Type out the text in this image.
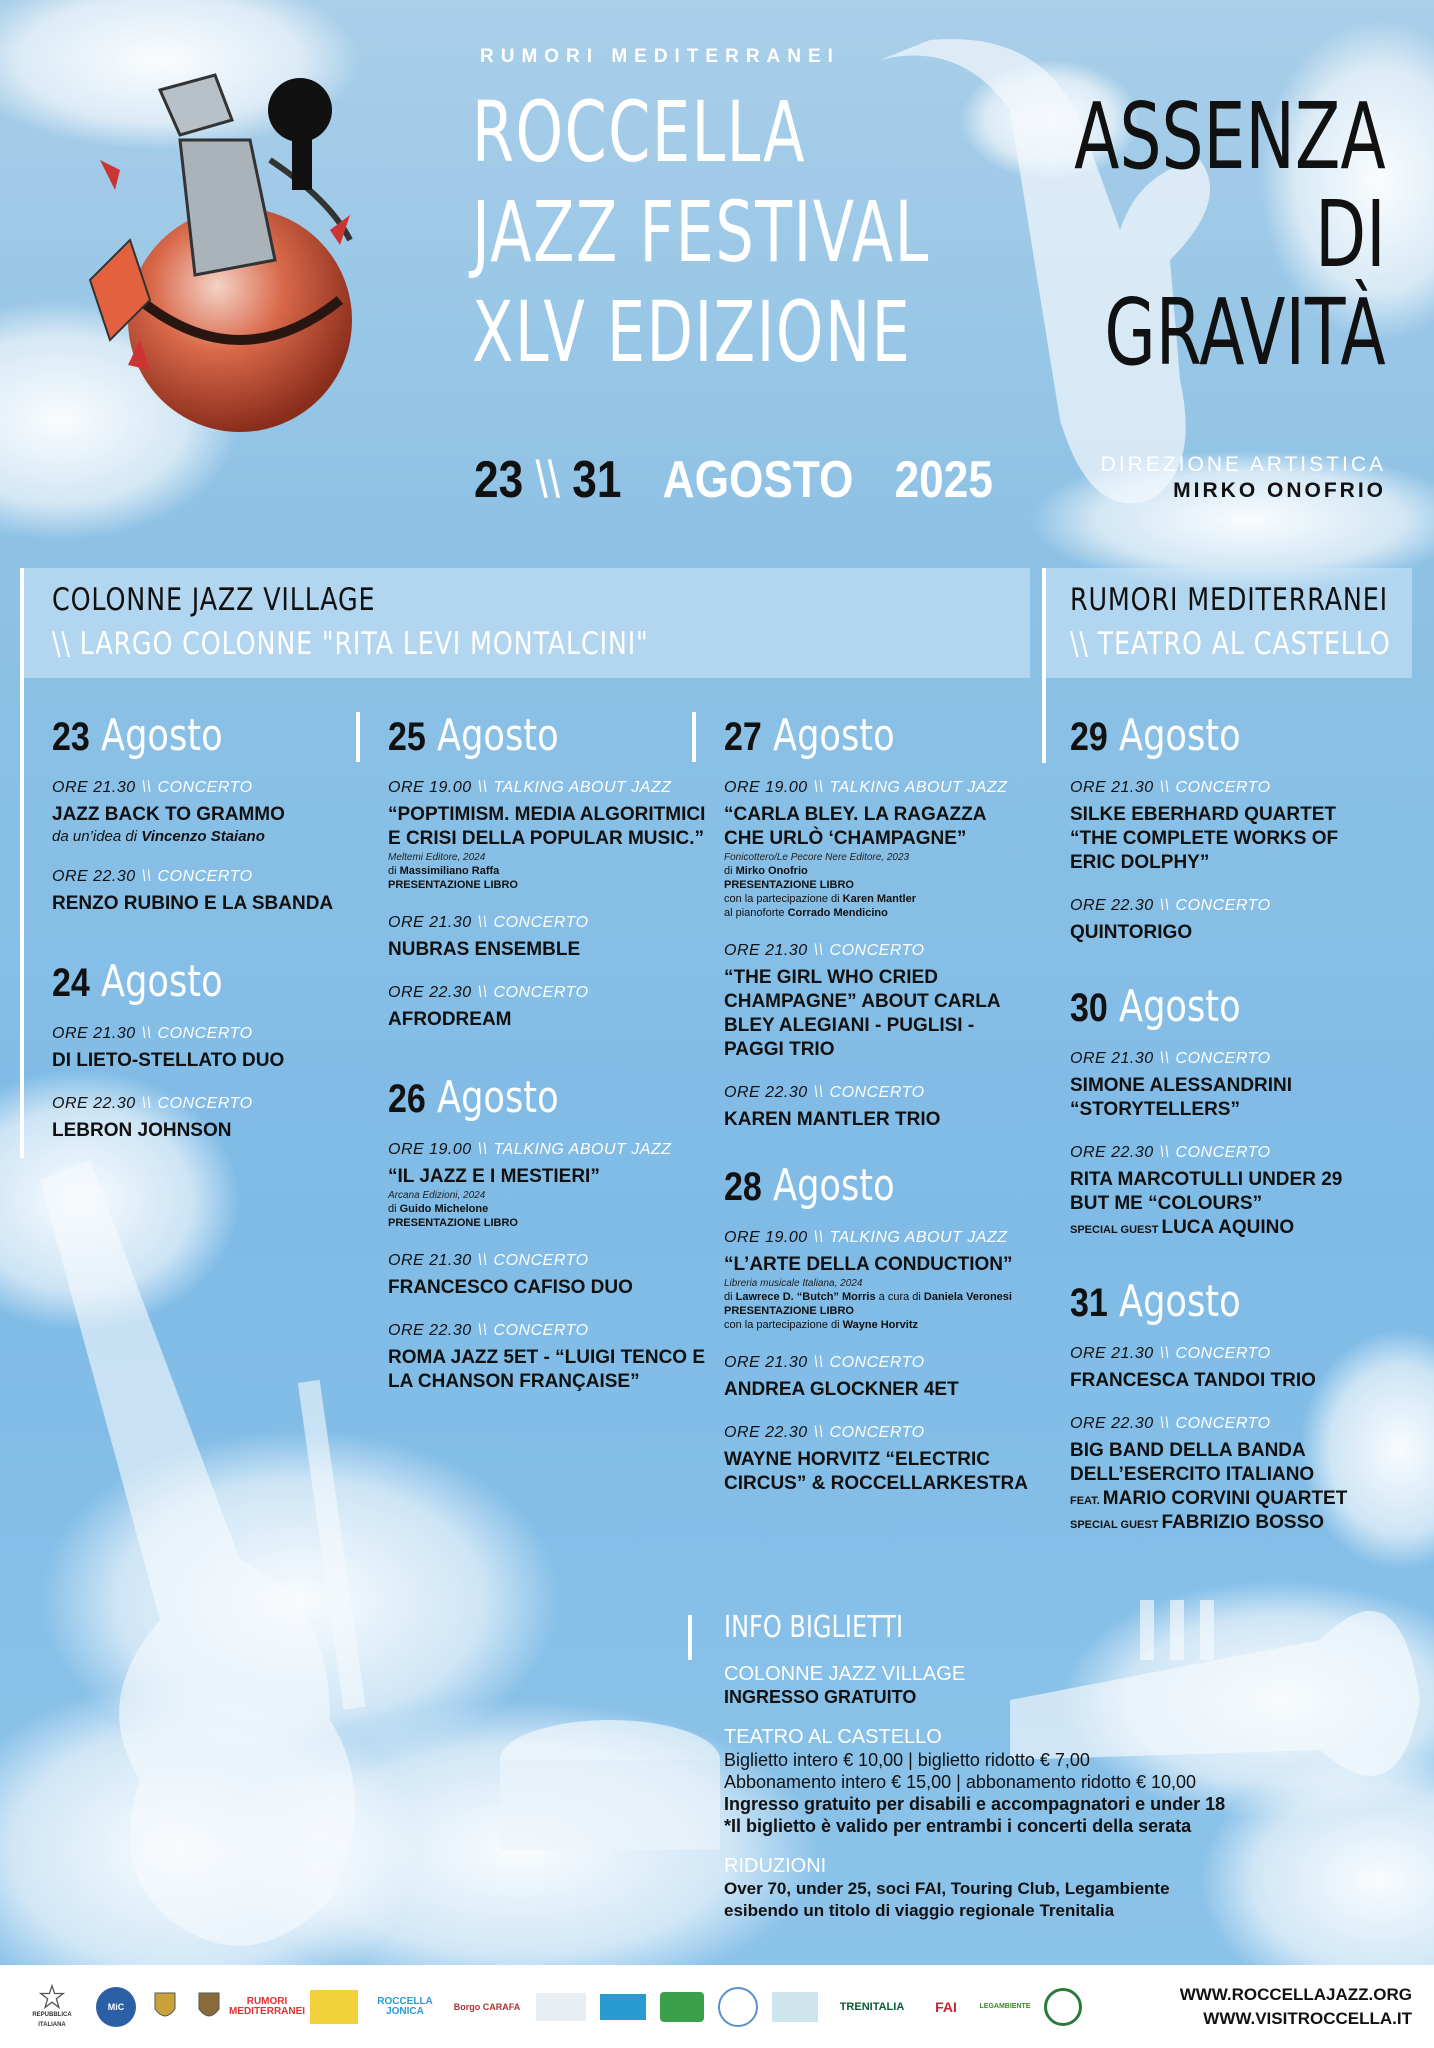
RUMORI MEDITERRANEI
ROCCELLA
JAZZ FESTIVAL
XLV EDIZIONE
23 \\ 31 AGOSTO 2025
ASSENZA
DI
GRAVITÀ
DIREZIONE ARTISTICA
MIRKO ONOFRIO
COLONNE JAZZ VILLAGE
\\ LARGO COLONNE "RITA LEVI MONTALCINI"
RUMORI MEDITERRANEI
\\ TEATRO AL CASTELLO
23 Agosto
ORE 21.30 \\ CONCERTO
JAZZ BACK TO GRAMMO
da un’idea di Vincenzo Staiano
ORE 22.30 \\ CONCERTO
RENZO RUBINO E LA SBANDA
24 Agosto
ORE 21.30 \\ CONCERTO
DI LIETO-STELLATO DUO
ORE 22.30 \\ CONCERTO
LEBRON JOHNSON
25 Agosto
ORE 19.00 \\ TALKING ABOUT JAZZ
“POPTIMISM. MEDIA ALGORITMICI E CRISI DELLA POPULAR MUSIC.”
Meltemi Editore, 2024
di Massimiliano Raffa
PRESENTAZIONE LIBRO
ORE 21.30 \\ CONCERTO
NUBRAS ENSEMBLE
ORE 22.30 \\ CONCERTO
AFRODREAM
26 Agosto
ORE 19.00 \\ TALKING ABOUT JAZZ
“IL JAZZ E I MESTIERI”
Arcana Edizioni, 2024
di Guido Michelone
PRESENTAZIONE LIBRO
ORE 21.30 \\ CONCERTO
FRANCESCO CAFISO DUO
ORE 22.30 \\ CONCERTO
ROMA JAZZ 5ET - “LUIGI TENCO E LA CHANSON FRANÇAISE”
27 Agosto
ORE 19.00 \\ TALKING ABOUT JAZZ
“CARLA BLEY. LA RAGAZZA CHE URLÒ ‘CHAMPAGNE”
Fonicottero/Le Pecore Nere Editore, 2023
di Mirko Onofrio
PRESENTAZIONE LIBRO
con la partecipazione di Karen Mantler
al pianoforte Corrado Mendicino
ORE 21.30 \\ CONCERTO
“THE GIRL WHO CRIED CHAMPAGNE” ABOUT CARLA BLEY ALEGIANI - PUGLISI - PAGGI TRIO
ORE 22.30 \\ CONCERTO
KAREN MANTLER TRIO
28 Agosto
ORE 19.00 \\ TALKING ABOUT JAZZ
“L’ARTE DELLA CONDUCTION”
Libreria musicale Italiana, 2024
di Lawrece D. “Butch” Morris a cura di Daniela Veronesi
PRESENTAZIONE LIBRO
con la partecipazione di Wayne Horvitz
ORE 21.30 \\ CONCERTO
ANDREA GLOCKNER 4ET
ORE 22.30 \\ CONCERTO
WAYNE HORVITZ “ELECTRIC CIRCUS” & ROCCELLARKESTRA
29 Agosto
ORE 21.30 \\ CONCERTO
SILKE EBERHARD QUARTET “THE COMPLETE WORKS OF ERIC DOLPHY”
ORE 22.30 \\ CONCERTO
QUINTORIGO
30 Agosto
ORE 21.30 \\ CONCERTO
SIMONE ALESSANDRINI “STORYTELLERS”
ORE 22.30 \\ CONCERTO
RITA MARCOTULLI UNDER 29 BUT ME “COLOURS”
SPECIAL GUEST LUCA AQUINO
31 Agosto
ORE 21.30 \\ CONCERTO
FRANCESCA TANDOI TRIO
ORE 22.30 \\ CONCERTO
BIG BAND DELLA BANDA DELL’ESERCITO ITALIANO
FEAT. MARIO CORVINI QUARTET
SPECIAL GUEST FABRIZIO BOSSO
INFO BIGLIETTI
COLONNE JAZZ VILLAGE
INGRESSO GRATUITO
TEATRO AL CASTELLO
Biglietto intero € 10,00 | biglietto ridotto € 7,00
Abbonamento intero € 15,00 | abbonamento ridotto € 10,00
Ingresso gratuito per disabili e accompagnatori e under 18
*Il biglietto è valido per entrambi i concerti della serata
RIDUZIONI
Over 70, under 25, soci FAI, Touring Club, Legambiente
esibendo un titolo di viaggio regionale Trenitalia
REPUBBLICA ITALIANA
MiC	RUMORI MEDITERRANEI
ROCCELLA JONICA	Borgo CARAFA	TRENITALIA	FAI	LEGAMBIENTE
WWW.ROCCELLAJAZZ.ORG
WWW.VISITROCCELLA.IT
